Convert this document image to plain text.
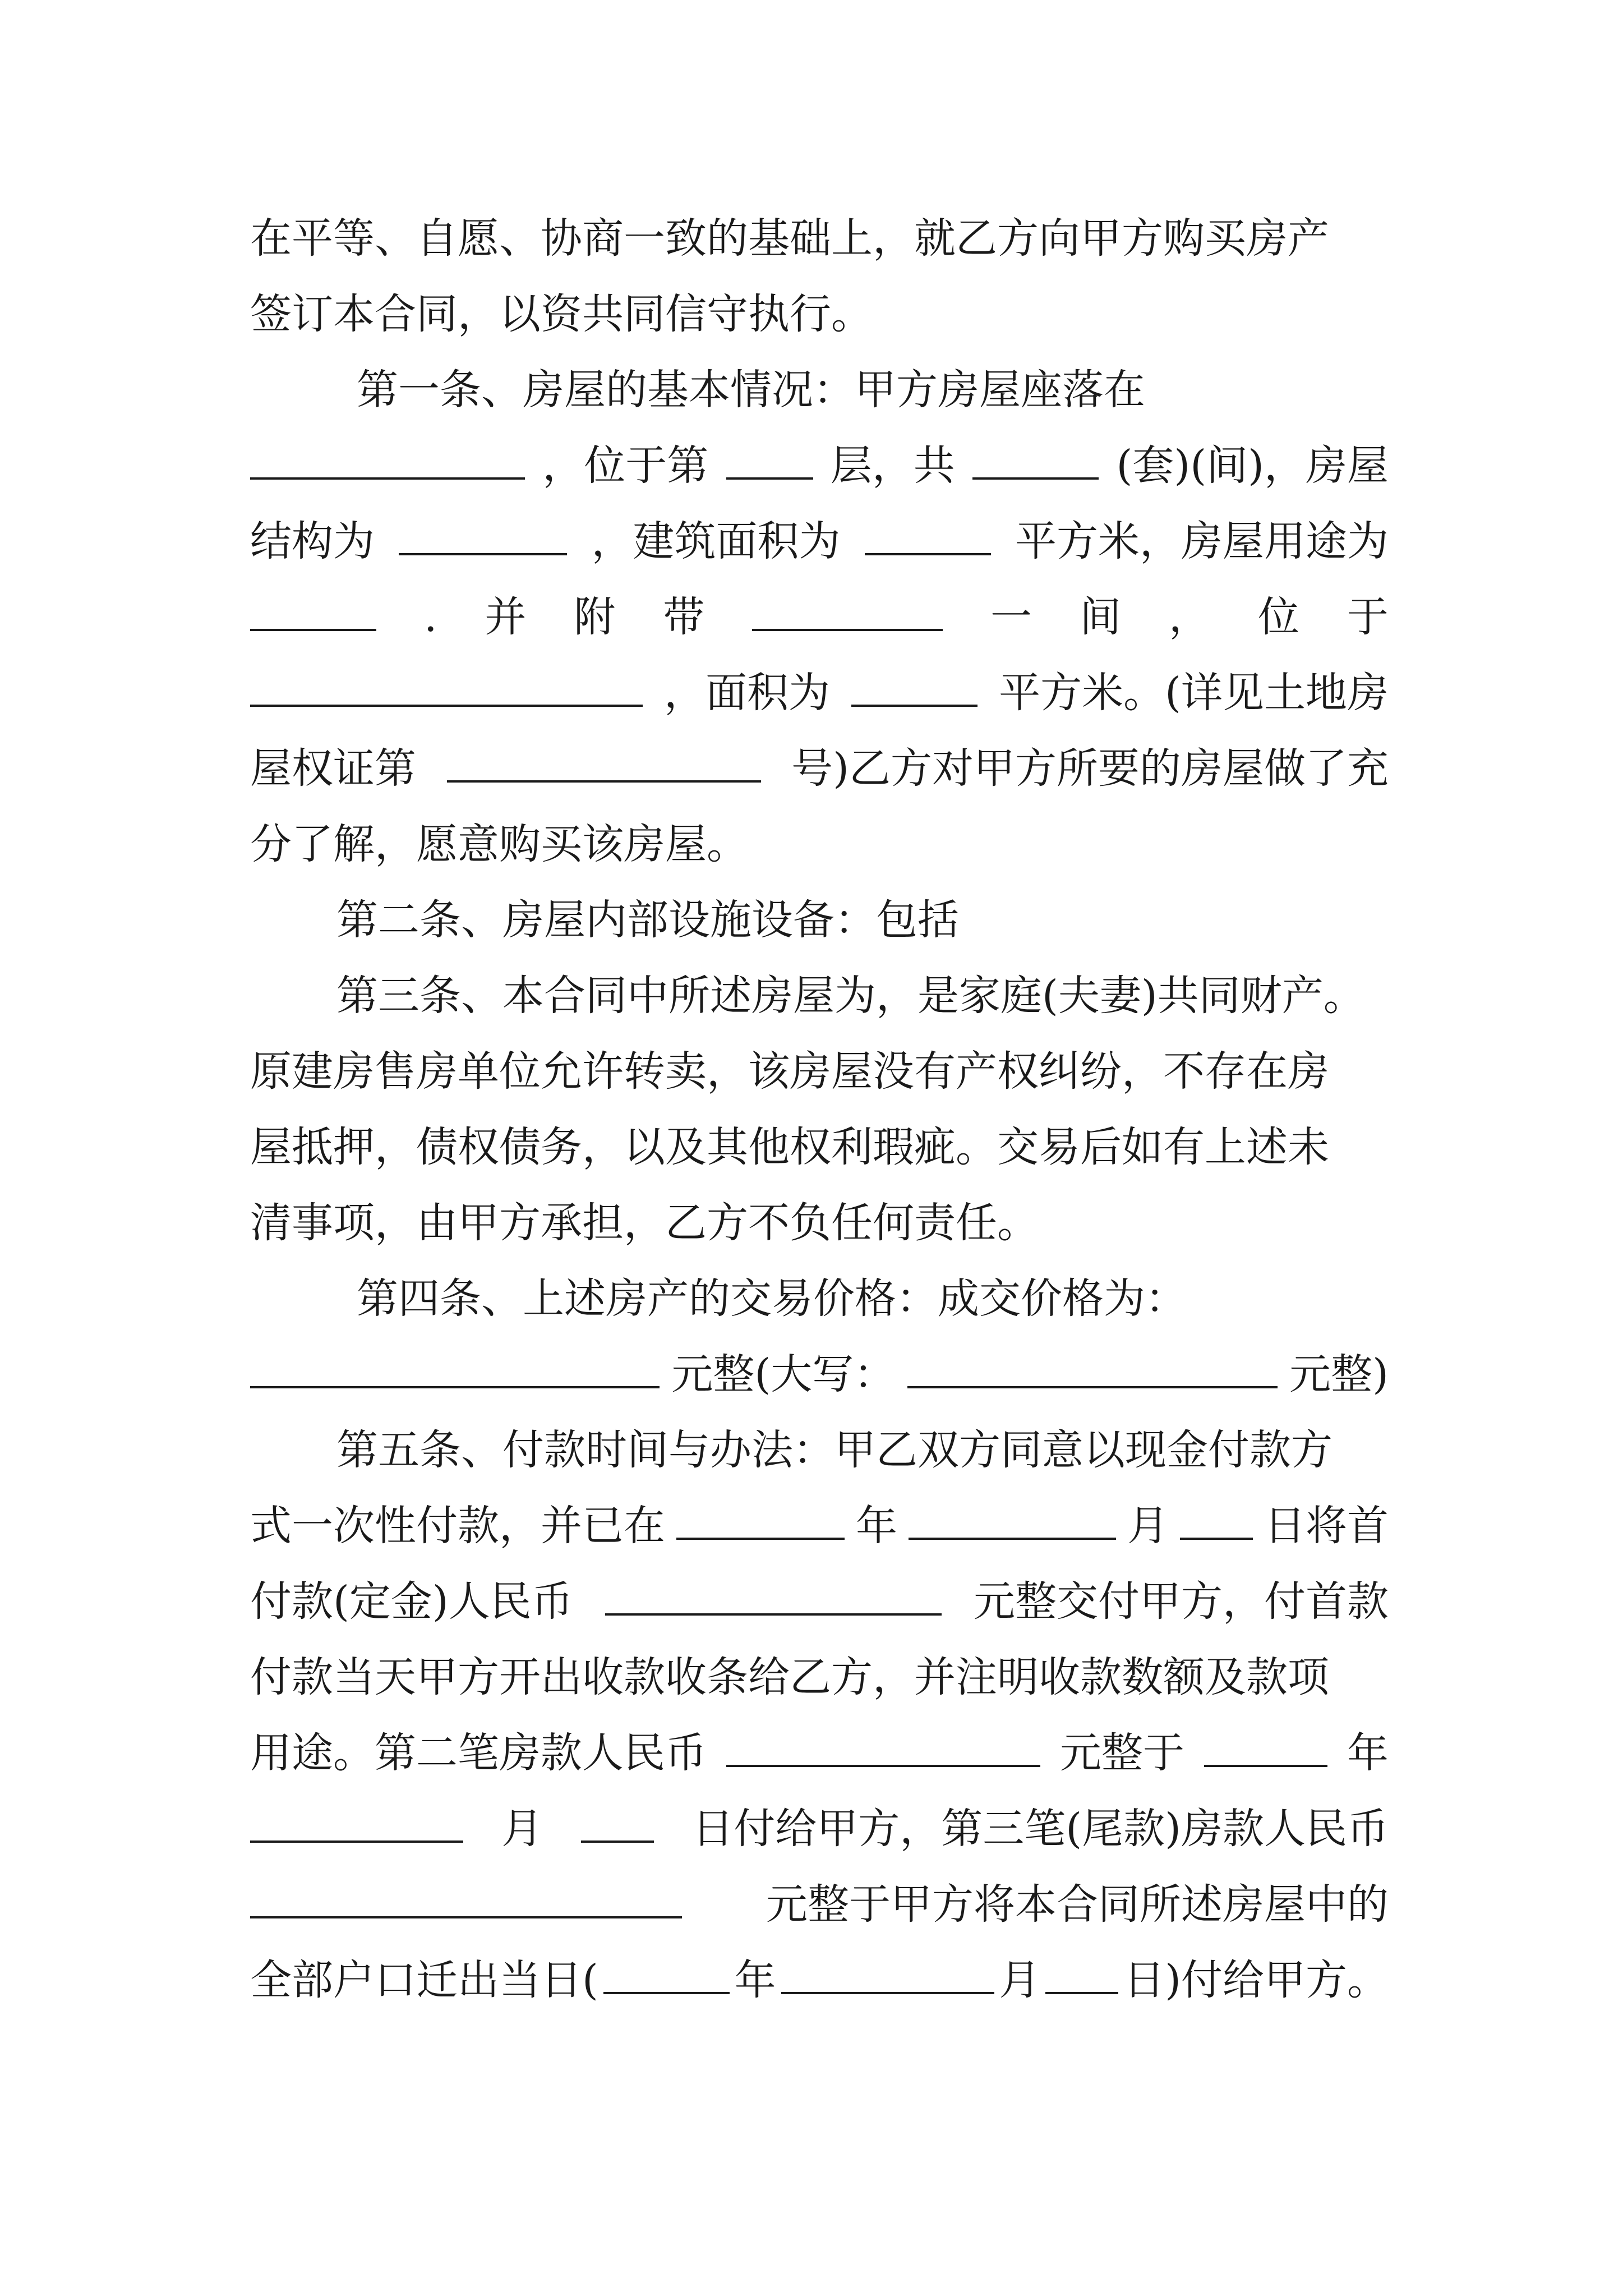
在平等、自愿、协商一致的基础上，就乙方向甲方购买房产
签订本合同，以资共同信守执行。
第一条、房屋的基本情况：甲方房屋座落在
，位于第	层，共	(套)(间)，房屋
结构为	，建筑面积为	平方米，房屋用途为
. 并 附 带	一 间 ， 位 于
，面积为	平方米。(详见土地房
屋权证第	号)乙方对甲方所要的房屋做了充
分了解，愿意购买该房屋。
第二条、房屋内部设施设备：包括
第三条、本合同中所述房屋为，是家庭(夫妻)共同财产。
原建房售房单位允许转卖，该房屋没有产权纠纷，不存在房
屋抵押，债权债务，以及其他权利瑕疵。交易后如有上述未
清事项，由甲方承担，乙方不负任何责任。
第四条、上述房产的交易价格：成交价格为：
元整(大写：	元整)
第五条、付款时间与办法：甲乙双方同意以现金付款方
式一次性付款，并已在	年	月 日将首
付款(定金)人民币	元整交付甲方，付首款
付款当天甲方开出收款收条给乙方，并注明收款数额及款项
用途。第二笔房款人民币	元整于	年
月	日付给甲方，第三笔(尾款)房款人民币
元整于甲方将本合同所述房屋中的
全部户口迁出当日(	年	月 日)付给甲方。
